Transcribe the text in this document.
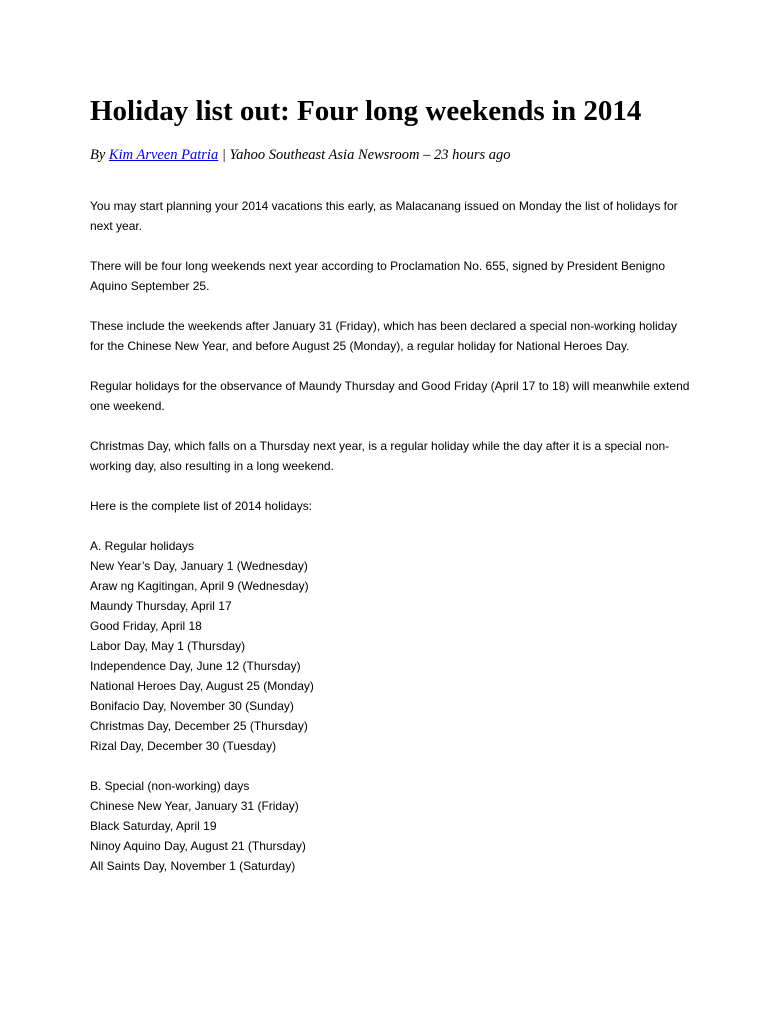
Holiday list out: Four long weekends in 2014
By Kim Arveen Patria | Yahoo Southeast Asia Newsroom – 23 hours ago

You may start planning your 2014 vacations this early, as Malacanang issued on Monday the list of holidays for next year.

There will be four long weekends next year according to Proclamation No. 655, signed by President Benigno Aquino September 25.

These include the weekends after January 31 (Friday), which has been declared a special non-working holiday for the Chinese New Year, and before August 25 (Monday), a regular holiday for National Heroes Day.

Regular holidays for the observance of Maundy Thursday and Good Friday (April 17 to 18) will meanwhile extend one weekend.

Christmas Day, which falls on a Thursday next year, is a regular holiday while the day after it is a special non-working day, also resulting in a long weekend.

Here is the complete list of 2014 holidays:

A. Regular holidays
New Year’s Day, January 1 (Wednesday)
Araw ng Kagitingan, April 9 (Wednesday)
Maundy Thursday, April 17
Good Friday, April 18
Labor Day, May 1 (Thursday)
Independence Day, June 12 (Thursday)
National Heroes Day, August 25 (Monday)
Bonifacio Day, November 30 (Sunday)
Christmas Day, December 25 (Thursday)
Rizal Day, December 30 (Tuesday)
B. Special (non-working) days
Chinese New Year, January 31 (Friday)
Black Saturday, April 19
Ninoy Aquino Day, August 21 (Thursday)
All Saints Day, November 1 (Saturday)
